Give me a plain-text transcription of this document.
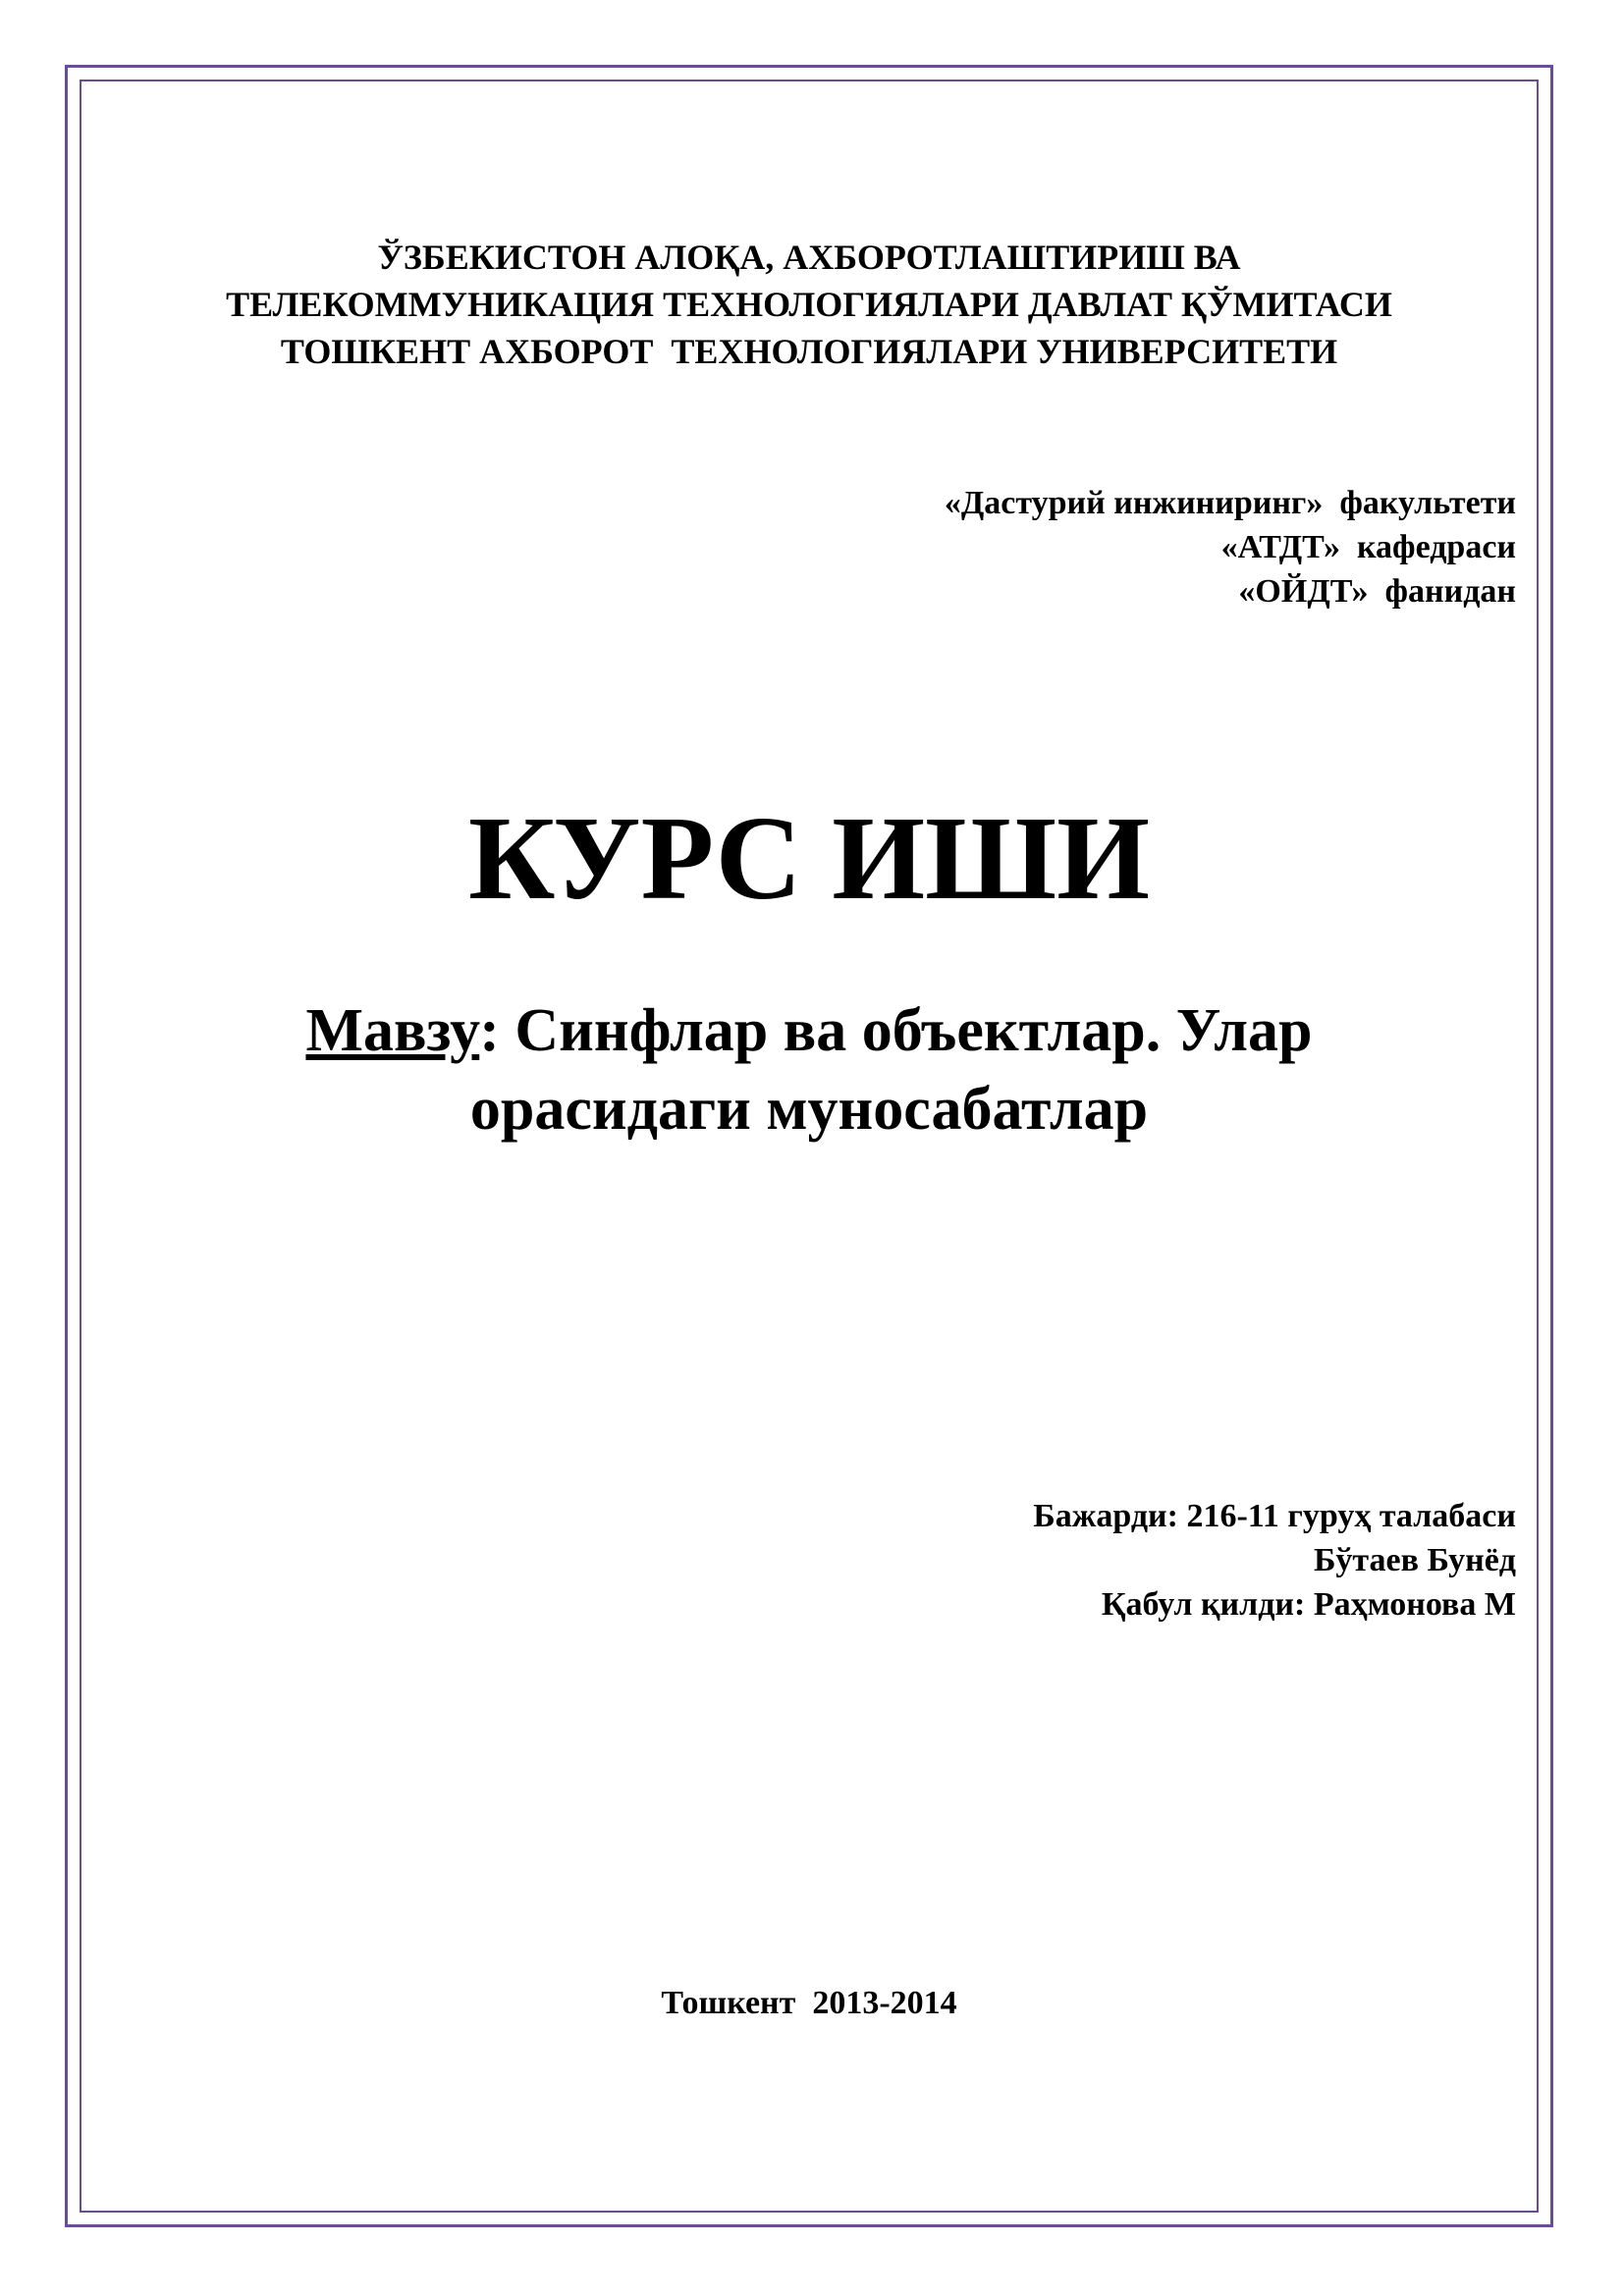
ЎЗБЕКИСТОН АЛОҚА, АХБОРОТЛАШТИРИШ ВА
ТЕЛЕКОММУНИКАЦИЯ ТЕХНОЛОГИЯЛАРИ ДАВЛАТ ҚЎМИТАСИ
ТОШКЕНТ АХБОРОТ  ТЕХНОЛОГИЯЛАРИ УНИВЕРСИТЕТИ
«Дастурий инжиниринг»  факультети
«АТДТ»  кафедраси
«ОЙДТ»  фанидан
КУРС ИШИ
Мавзу: Синфлар ва объектлар. Улар
орасидаги муносабатлар
Бажарди: 216-11 гуруҳ талабаси
Бўтаев Бунёд
Қабул қилди: Раҳмонова М
Тошкент  2013-2014
